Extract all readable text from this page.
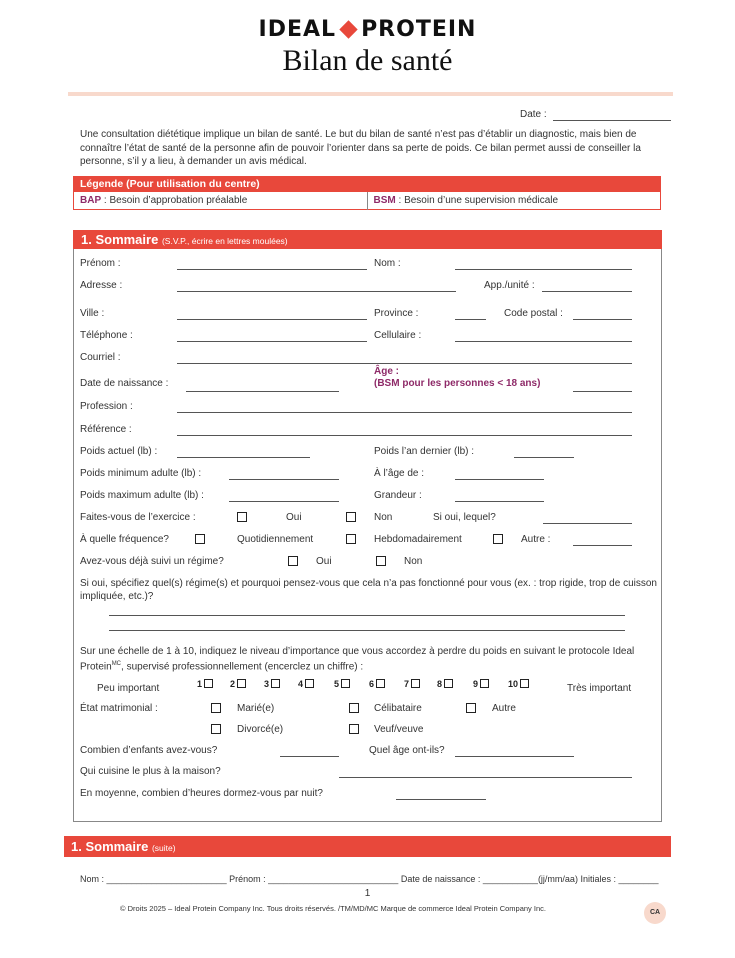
IDEAL PROTEIN
Bilan de santé
Date :
Une consultation diététique implique un bilan de santé. Le but du bilan de santé n’est pas d’établir un diagnostic, mais bien de connaître l’état de santé de la personne afin de pouvoir l’orienter dans sa perte de poids. Ce bilan permet aussi de conseiller la personne, s’il y a lieu, à demander un avis médical.
Légende (Pour utilisation du centre)
BAP : Besoin d’approbation préalable	BSM : Besoin d’une supervision médicale
1. Sommaire (S.V.P., écrire en lettres moulées)
Prénom :	Nom :
Adresse :	App./unité :
Ville :	Province :	Code postal :
Téléphone :	Cellulaire :
Courriel :
Date de naissance :
Âge :
(BSM pour les personnes < 18 ans)
Profession :
Référence :
Poids actuel (lb) :	Poids l’an dernier (lb) :
Poids minimum adulte (lb) :	À l’âge de :
Poids maximum adulte (lb) :	Grandeur :
Faites-vous de l’exercice :	Oui	Non	Si oui, lequel?
À quelle fréquence?	Quotidiennement	Hebdomadairement	Autre :
Avez-vous déjà suivi un régime?	Oui	Non
Si oui, spécifiez quel(s) régime(s) et pourquoi pensez-vous que cela n’a pas fonctionné pour vous (ex. : trop rigide, trop de cuisson impliquée, etc.)?
Sur une échelle de 1 à 10, indiquez le niveau d’importance que vous accordez à perdre du poids en suivant le protocole Ideal Protein$^{MC}$, supervisé professionnellement (encerclez un chiffre) :
Peu important	Très important
1	2	3	4	5	6	7	8	9	10
État matrimonial :	Marié(e)	Célibataire	Autre
Divorcé(e)	Veuf/veuve
Combien d’enfants avez-vous?	Quel âge ont-ils?
Qui cuisine le plus à la maison?
En moyenne, combien d’heures dormez-vous par nuit?
1. Sommaire (suite)
Nom : ________________________ Prénom : __________________________ Date de naissance : ___________(jj/mm/aa) Initiales : ________
1
© Droits 2025 – Ideal Protein Company Inc. Tous droits réservés. /TM/MD/MC Marque de commerce Ideal Protein Company Inc.	CA
